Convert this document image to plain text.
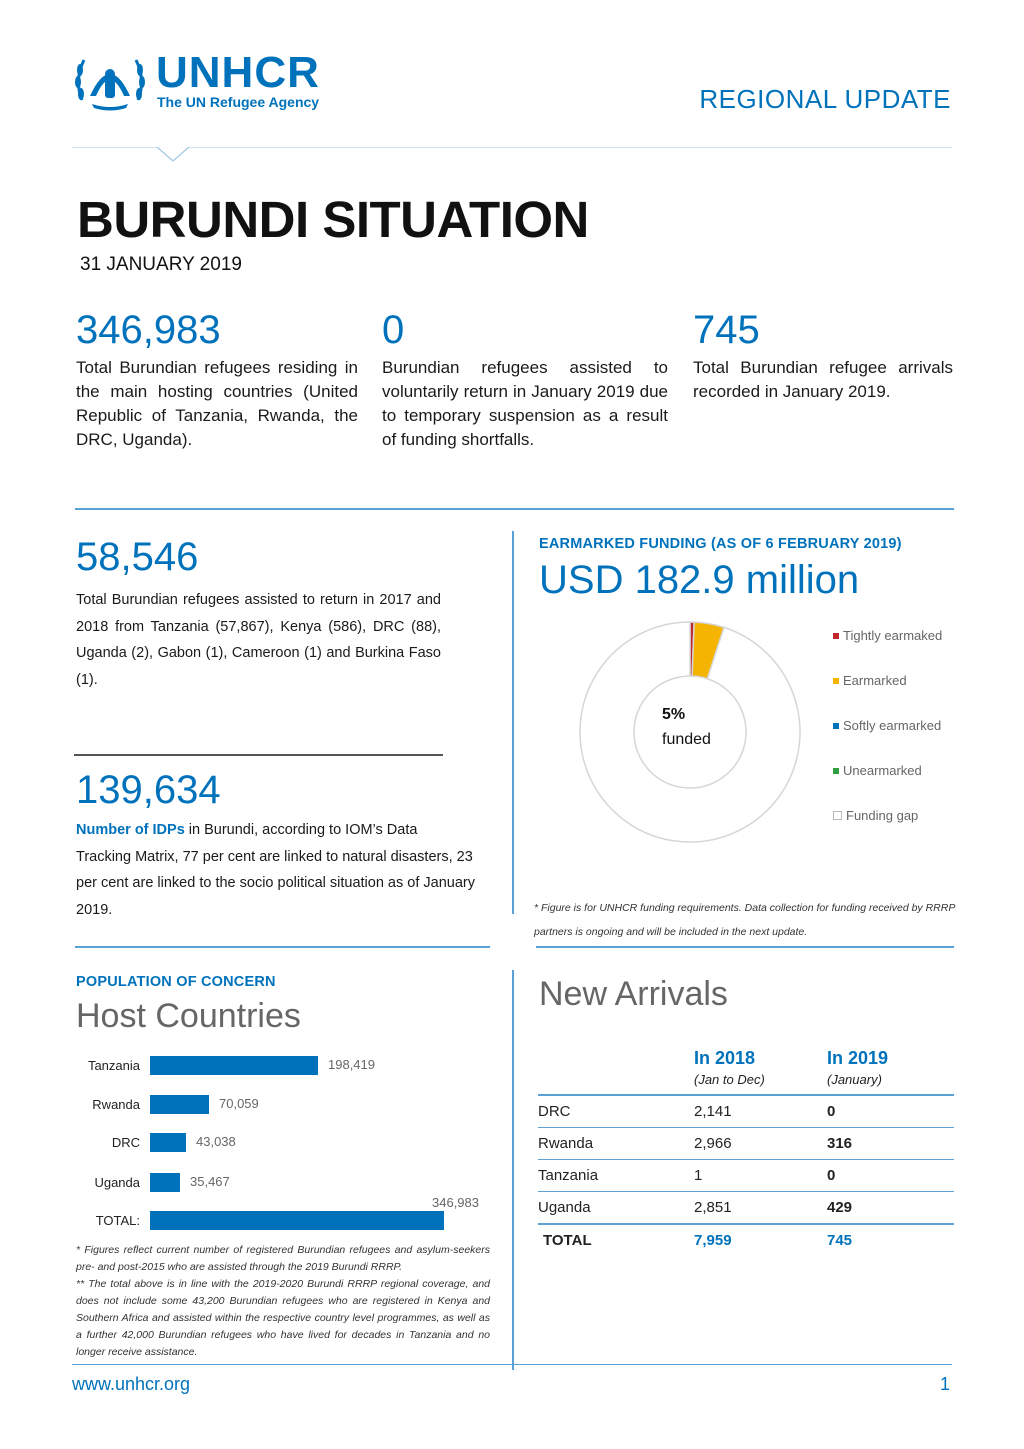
UNHCR
The UN Refugee Agency	REGIONAL UPDATE
BURUNDI SITUATION
31 JANUARY 2019
346,983
Total Burundian refugees residing in the main hosting countries (United Republic of Tanzania, Rwanda, the DRC, Uganda).
0
Burundian refugees assisted to voluntarily return in January 2019 due to temporary suspension as a result of funding shortfalls.
745
Total Burundian refugee arrivals recorded in January 2019.
58,546
Total Burundian refugees assisted to return in 2017 and 2018 from Tanzania (57,867), Kenya (586), DRC (88), Uganda (2), Gabon (1), Cameroon (1) and Burkina Faso (1).
139,634
Number of IDPs in Burundi, according to IOM’s Data Tracking Matrix, 77 per cent are linked to natural disasters, 23 per cent are linked to the socio political situation as of January 2019.
EARMARKED FUNDING (AS OF 6 FEBRUARY 2019)
USD 182.9 million
5%
funded
Tightly earmaked
Earmarked
Softly earmarked
Unearmarked
Funding gap
* Figure is for UNHCR funding requirements. Data collection for funding received by RRRP partners is ongoing and will be included in the next update.
POPULATION OF CONCERN
Host Countries
Tanzania	198,419
Rwanda	70,059
DRC	43,038
Uganda	35,467
TOTAL:
346,983
* Figures reflect current number of registered Burundian refugees and asylum-seekers pre- and post-2015 who are assisted through the 2019 Burundi RRRP.
** The total above is in line with the 2019-2020 Burundi RRRP regional coverage, and does not include some 43,200 Burundian refugees who are registered in Kenya and Southern Africa and assisted within the respective country level programmes, as well as a further 42,000 Burundian refugees who have lived for decades in Tanzania and no longer receive assistance.
New Arrivals
In 2018
(Jan to Dec)
In 2019
(January)
DRC	2,141	0
Rwanda	2,966	316
Tanzania	1	0
Uganda	2,851	429
TOTAL	7,959	745
www.unhcr.org	1
